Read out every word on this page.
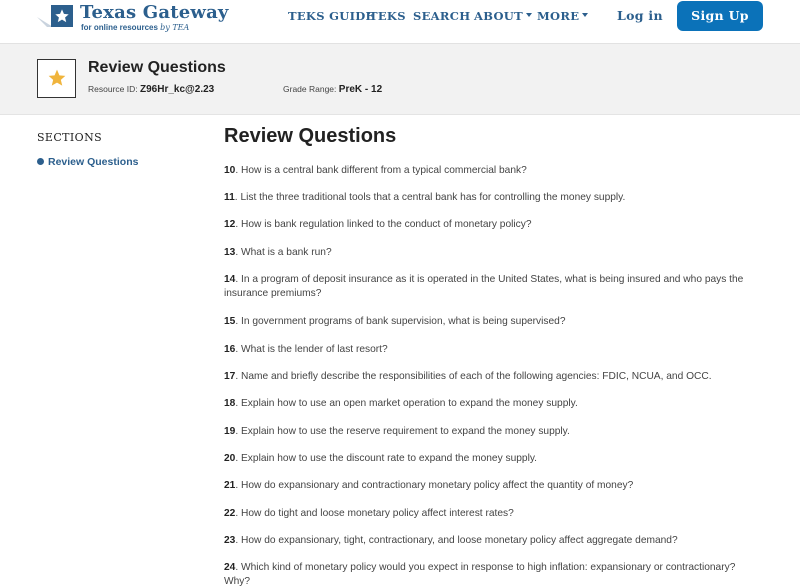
Texas Gateway
for online resources by TEA
TEKS GUIDE
TEKS SEARCH ABOUT	MORE	Log in	Sign Up
Review Questions
Resource ID: Z96Hr_kc@2.23	Grade Range: PreK - 12
SECTIONS
Review Questions
Review Questions
10. How is a central bank different from a typical commercial bank?
11. List the three traditional tools that a central bank has for controlling the money supply.
12. How is bank regulation linked to the conduct of monetary policy?
13. What is a bank run?
14. In a program of deposit insurance as it is operated in the United States, what is being insured and who pays the insurance premiums?
15. In government programs of bank supervision, what is being supervised?
16. What is the lender of last resort?
17. Name and briefly describe the responsibilities of each of the following agencies: FDIC, NCUA, and OCC.
18. Explain how to use an open market operation to expand the money supply.
19. Explain how to use the reserve requirement to expand the money supply.
20. Explain how to use the discount rate to expand the money supply.
21. How do expansionary and contractionary monetary policy affect the quantity of money?
22. How do tight and loose monetary policy affect interest rates?
23. How do expansionary, tight, contractionary, and loose monetary policy affect aggregate demand?
24. Which kind of monetary policy would you expect in response to high inflation: expansionary or contractionary? Why?
